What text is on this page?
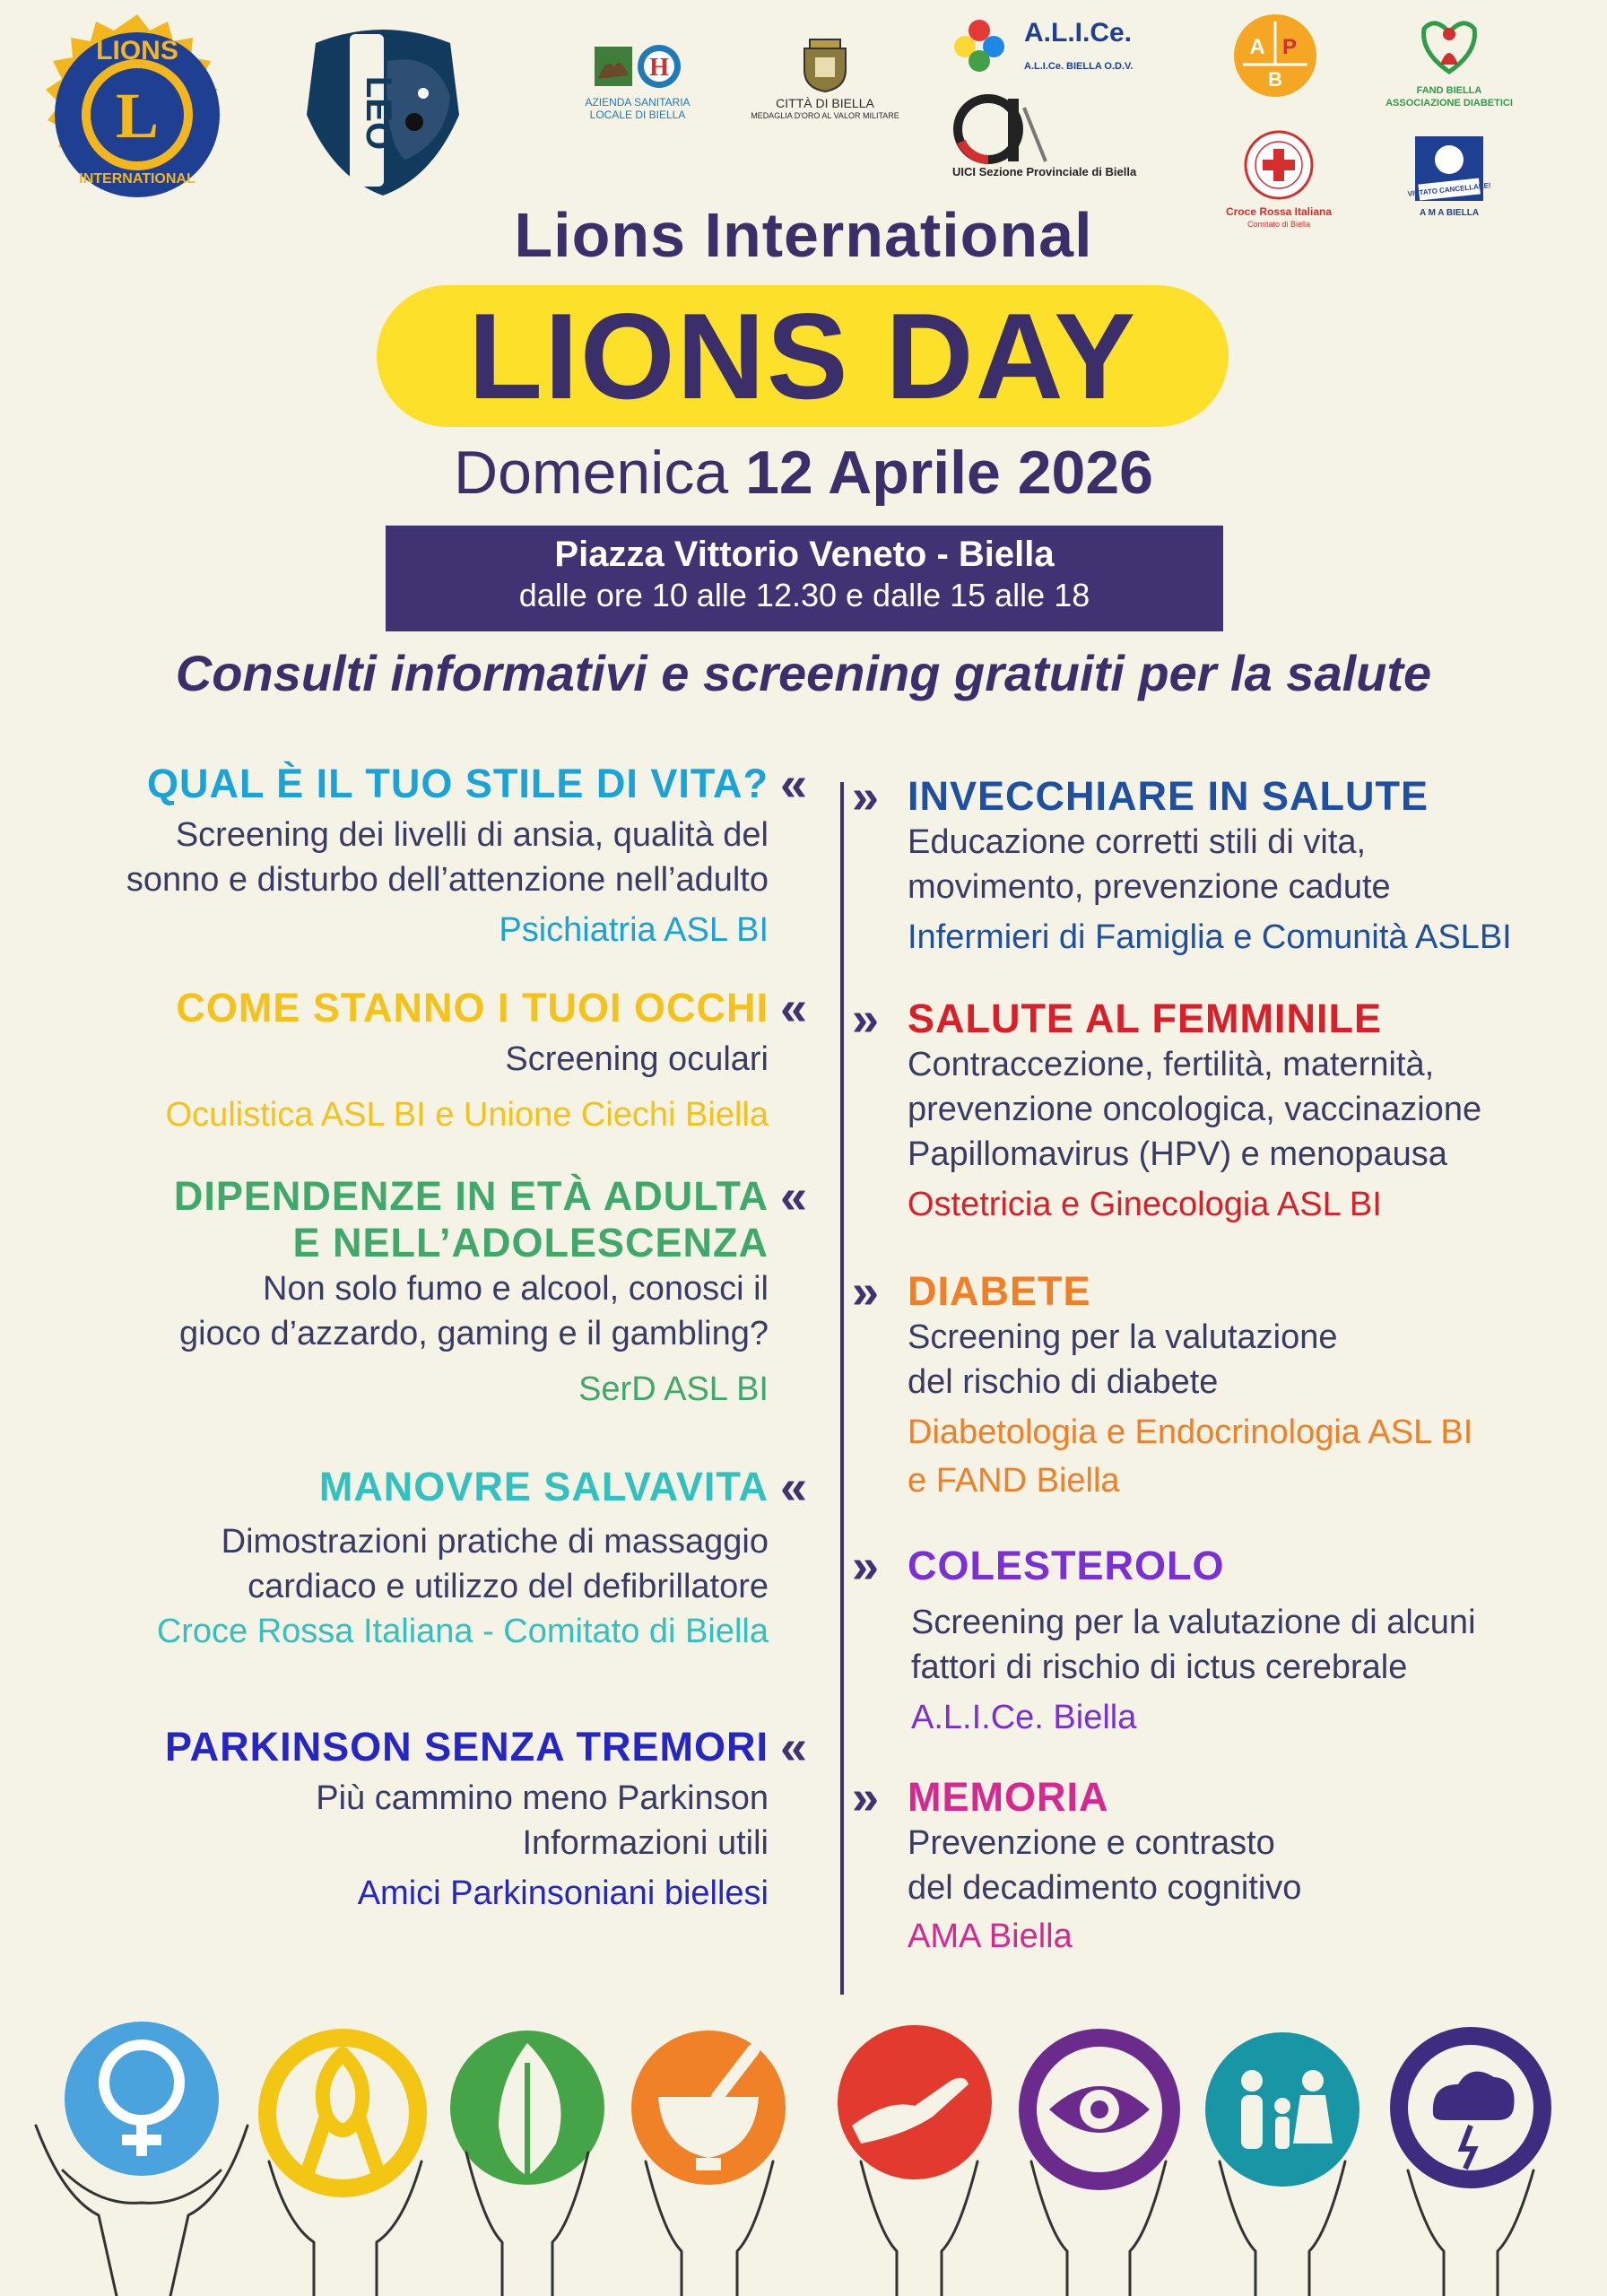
LIONS
INTERNATIONAL
L	LEO
H
AZIENDA SANITARIA
LOCALE DI BIELLA
CITTÀ DI BIELLA
MEDAGLIA D'ORO AL VALOR MILITARE
A.L.I.Ce.
A.L.I.Ce. BIELLA O.D.V.
UICI Sezione Provinciale di Biella
A P
B	FAND BIELLA
ASSOCIAZIONE DIABETICI
Croce Rossa Italiana
Comitato di Biella
VIETATO CANCELLARE!
A M A BIELLA
Lions International
LIONS DAY
Domenica 12 Aprile 2026
Piazza Vittorio Veneto - Biella
dalle ore 10 alle 12.30 e dalle 15 alle 18
Consulti informativi e screening gratuiti per la salute
QUAL È IL TUO STILE DI VITA?
Screening dei livelli di ansia, qualità del
sonno e disturbo dell’attenzione nell’adulto
Psichiatria ASL BI
«
COME STANNO I TUOI OCCHI
Screening oculari
Oculistica ASL BI e Unione Ciechi Biella
«
DIPENDENZE IN ETÀ ADULTA
E NELL’ADOLESCENZA
Non solo fumo e alcool, conosci il
gioco d’azzardo, gaming e il gambling?
SerD ASL BI
«
MANOVRE SALVAVITA
Dimostrazioni pratiche di massaggio
cardiaco e utilizzo del defibrillatore
Croce Rossa Italiana - Comitato di Biella
«
PARKINSON SENZA TREMORI
Più cammino meno Parkinson
Informazioni utili
Amici Parkinsoniani biellesi
«
» INVECCHIARE IN SALUTE
Educazione corretti stili di vita,
movimento, prevenzione cadute
Infermieri di Famiglia e Comunità ASLBI
» SALUTE AL FEMMINILE
Contraccezione, fertilità, maternità,
prevenzione oncologica, vaccinazione
Papillomavirus (HPV) e menopausa
Ostetricia e Ginecologia ASL BI
» DIABETE
Screening per la valutazione
del rischio di diabete
Diabetologia e Endocrinologia ASL BI
e FAND Biella
» COLESTEROLO
Screening per la valutazione di alcuni
fattori di rischio di ictus cerebrale
A.L.I.Ce. Biella
» MEMORIA
Prevenzione e contrasto
del decadimento cognitivo
AMA Biella
